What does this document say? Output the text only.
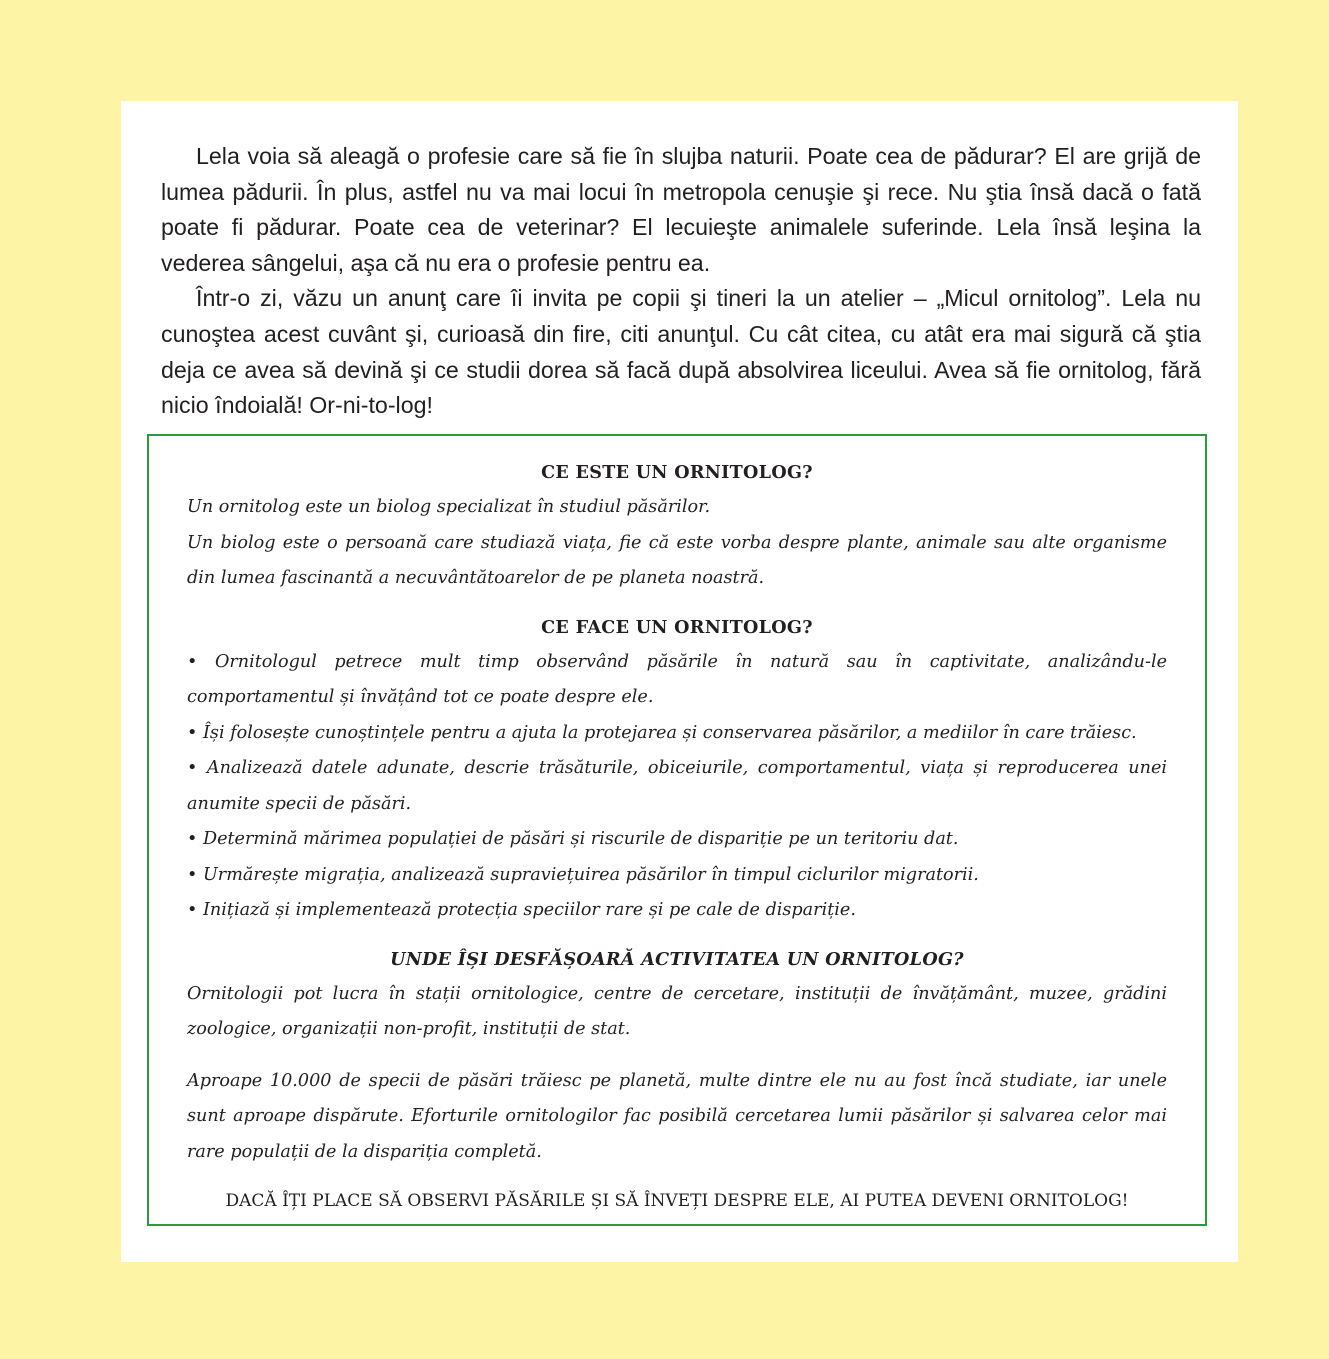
Lela voia să aleagă o profesie care să fie în slujba naturii. Poate cea de pădurar? El are grijă de lumea pădurii. În plus, astfel nu va mai locui în metropola cenuşie şi rece. Nu ştia însă dacă o fată poate fi pădurar. Poate cea de veterinar? El lecuieşte animalele suferinde. Lela însă leşina la vederea sângelui, aşa că nu era o profesie pentru ea.

Într-o zi, văzu un anunţ care îi invita pe copii şi tineri la un atelier – „Micul ornitolog”. Lela nu cunoştea acest cuvânt şi, curioasă din fire, citi anunţul. Cu cât citea, cu atât era mai sigură că ştia deja ce avea să devină şi ce studii dorea să facă după absolvirea liceului. Avea să fie ornitolog, fără nicio îndoială! Or-ni-to-log!

CE ESTE UN ORNITOLOG?

Un ornitolog este un biolog specializat în studiul păsărilor.

Un biolog este o persoană care studiază viața, fie că este vorba despre plante, animale sau alte organisme din lumea fascinantă a necuvântătoarelor de pe planeta noastră.

CE FACE UN ORNITOLOG?
• Ornitologul petrece mult timp observând păsările în natură sau în captivitate, analizându-le comportamentul și învățând tot ce poate despre ele.
• Își folosește cunoștințele pentru a ajuta la protejarea și conservarea păsărilor, a mediilor în care trăiesc.
• Analizează datele adunate, descrie trăsăturile, obiceiurile, comportamentul, viața și reproducerea unei anumite specii de păsări.
• Determină mărimea populației de păsări și riscurile de dispariție pe un teritoriu dat.
• Urmărește migrația, analizează supraviețuirea păsărilor în timpul ciclurilor migratorii.
• Inițiază și implementează protecția speciilor rare și pe cale de dispariție.
UNDE ÎȘI DESFĂȘOARĂ ACTIVITATEA UN ORNITOLOG?

Ornitologii pot lucra în stații ornitologice, centre de cercetare, instituții de învățământ, muzee, grădini zoologice, organizații non-profit, instituții de stat.

Aproape 10.000 de specii de păsări trăiesc pe planetă, multe dintre ele nu au fost încă studiate, iar unele sunt aproape dispărute. Eforturile ornitologilor fac posibilă cercetarea lumii păsărilor și salvarea celor mai rare populații de la dispariția completă.

DACĂ ÎȚI PLACE SĂ OBSERVI PĂSĂRILE ȘI SĂ ÎNVEȚI DESPRE ELE, AI PUTEA DEVENI ORNITOLOG!
